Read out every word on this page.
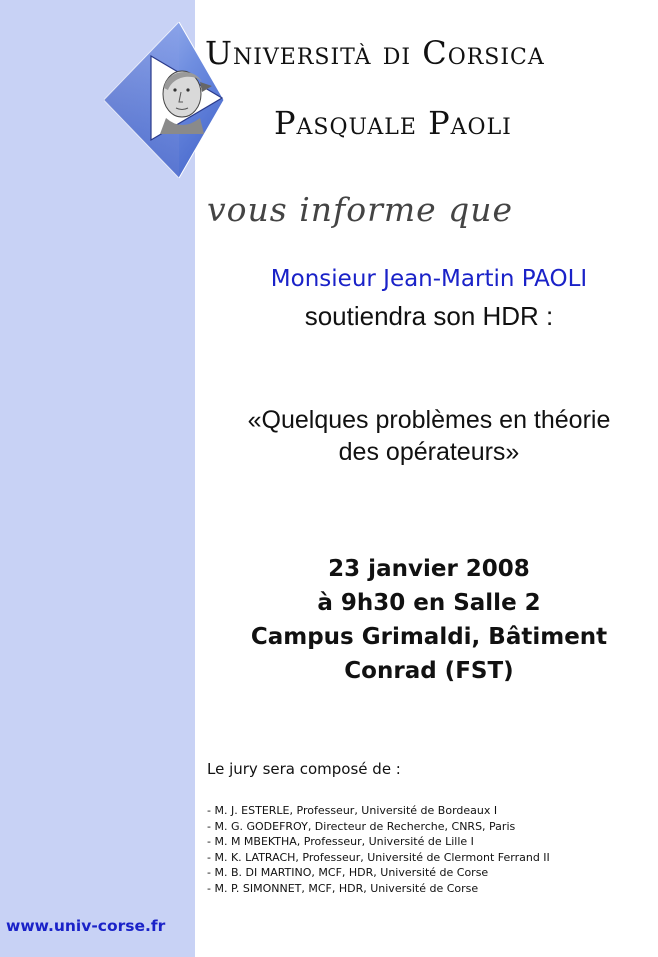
Università di Corsica
Pasquale Paoli
vous informe que
Monsieur Jean-Martin PAOLI
soutiendra son HDR :
«Quelques problèmes en théorie
des opérateurs»
23 janvier 2008
à 9h30 en Salle 2
Campus Grimaldi, Bâtiment
Conrad (FST)
Le jury sera composé de :
- M. J. ESTERLE, Professeur, Université de Bordeaux I
- M. G. GODEFROY, Directeur de Recherche, CNRS, Paris
- M. M MBEKTHA, Professeur, Université de Lille I
- M. K. LATRACH, Professeur, Université de Clermont Ferrand II
- M. B. DI MARTINO, MCF, HDR, Université de Corse
- M. P. SIMONNET, MCF, HDR, Université de Corse
www.univ-corse.fr
